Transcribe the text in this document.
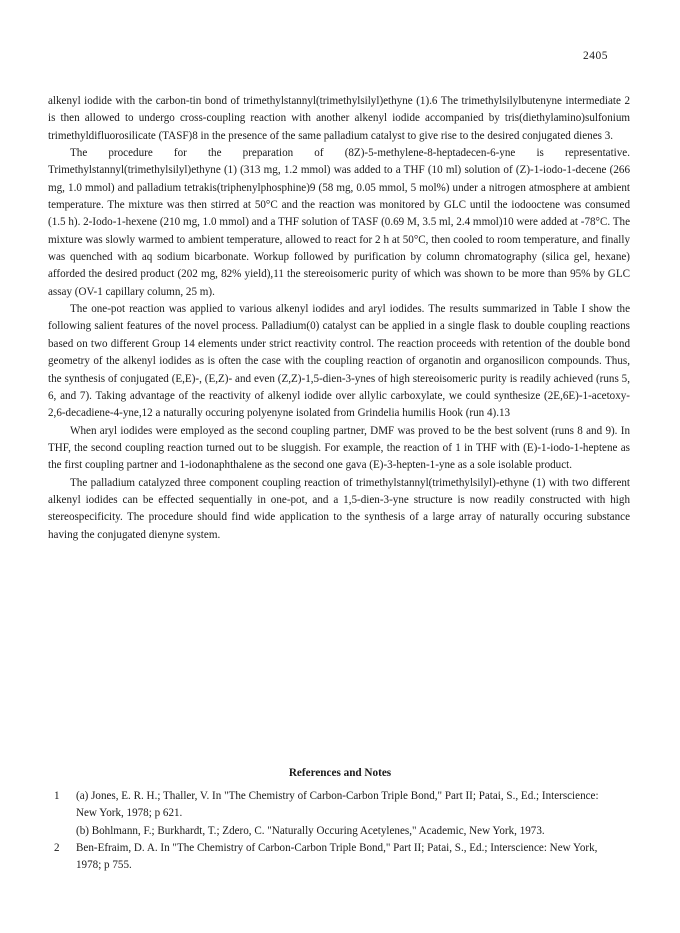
2405

alkenyl iodide with the carbon-tin bond of trimethylstannyl(trimethylsilyl)ethyne (1).6 The trimethylsilylbutenyne intermediate 2 is then allowed to undergo cross-coupling reaction with another alkenyl iodide accompanied by tris(diethylamino)sulfonium trimethyldifluorosilicate (TASF)8 in the presence of the same palladium catalyst to give rise to the desired conjugated dienes 3.

The procedure for the preparation of (8Z)-5-methylene-8-heptadecen-6-yne is representative. Trimethylstannyl(trimethylsilyl)ethyne (1) (313 mg, 1.2 mmol) was added to a THF (10 ml) solution of (Z)-1-iodo-1-decene (266 mg, 1.0 mmol) and palladium tetrakis(triphenylphosphine)9 (58 mg, 0.05 mmol, 5 mol%) under a nitrogen atmosphere at ambient temperature. The mixture was then stirred at 50°C and the reaction was monitored by GLC until the iodooctene was consumed (1.5 h). 2-Iodo-1-hexene (210 mg, 1.0 mmol) and a THF solution of TASF (0.69 M, 3.5 ml, 2.4 mmol)10 were added at -78°C. The mixture was slowly warmed to ambient temperature, allowed to react for 2 h at 50°C, then cooled to room temperature, and finally was quenched with aq sodium bicarbonate. Workup followed by purification by column chromatography (silica gel, hexane) afforded the desired product (202 mg, 82% yield),11 the stereoisomeric purity of which was shown to be more than 95% by GLC assay (OV-1 capillary column, 25 m).

The one-pot reaction was applied to various alkenyl iodides and aryl iodides. The results summarized in Table I show the following salient features of the novel process. Palladium(0) catalyst can be applied in a single flask to double coupling reactions based on two different Group 14 elements under strict reactivity control. The reaction proceeds with retention of the double bond geometry of the alkenyl iodides as is often the case with the coupling reaction of organotin and organosilicon compounds. Thus, the synthesis of conjugated (E,E)-, (E,Z)- and even (Z,Z)-1,5-dien-3-ynes of high stereoisomeric purity is readily achieved (runs 5, 6, and 7). Taking advantage of the reactivity of alkenyl iodide over allylic carboxylate, we could synthesize (2E,6E)-1-acetoxy-2,6-decadiene-4-yne,12 a naturally occuring polyenyne isolated from Grindelia humilis Hook (run 4).13

When aryl iodides were employed as the second coupling partner, DMF was proved to be the best solvent (runs 8 and 9). In THF, the second coupling reaction turned out to be sluggish. For example, the reaction of 1 in THF with (E)-1-iodo-1-heptene as the first coupling partner and 1-iodonaphthalene as the second one gava (E)-3-hepten-1-yne as a sole isolable product.

The palladium catalyzed three component coupling reaction of trimethylstannyl(trimethylsilyl)-ethyne (1) with two different alkenyl iodides can be effected sequentially in one-pot, and a 1,5-dien-3-yne structure is now readily constructed with high stereospecificity. The procedure should find wide application to the synthesis of a large array of naturally occuring substance having the conjugated dienyne system.

References and Notes
1	(a) Jones, E. R. H.; Thaller, V. In "The Chemistry of Carbon-Carbon Triple Bond," Part II; Patai, S., Ed.; Interscience: New York, 1978; p 621.
(b) Bohlmann, F.; Burkhardt, T.; Zdero, C. "Naturally Occuring Acetylenes," Academic, New York, 1973.
2	Ben-Efraim, D. A. In "The Chemistry of Carbon-Carbon Triple Bond," Part II; Patai, S., Ed.; Interscience: New York, 1978; p 755.
